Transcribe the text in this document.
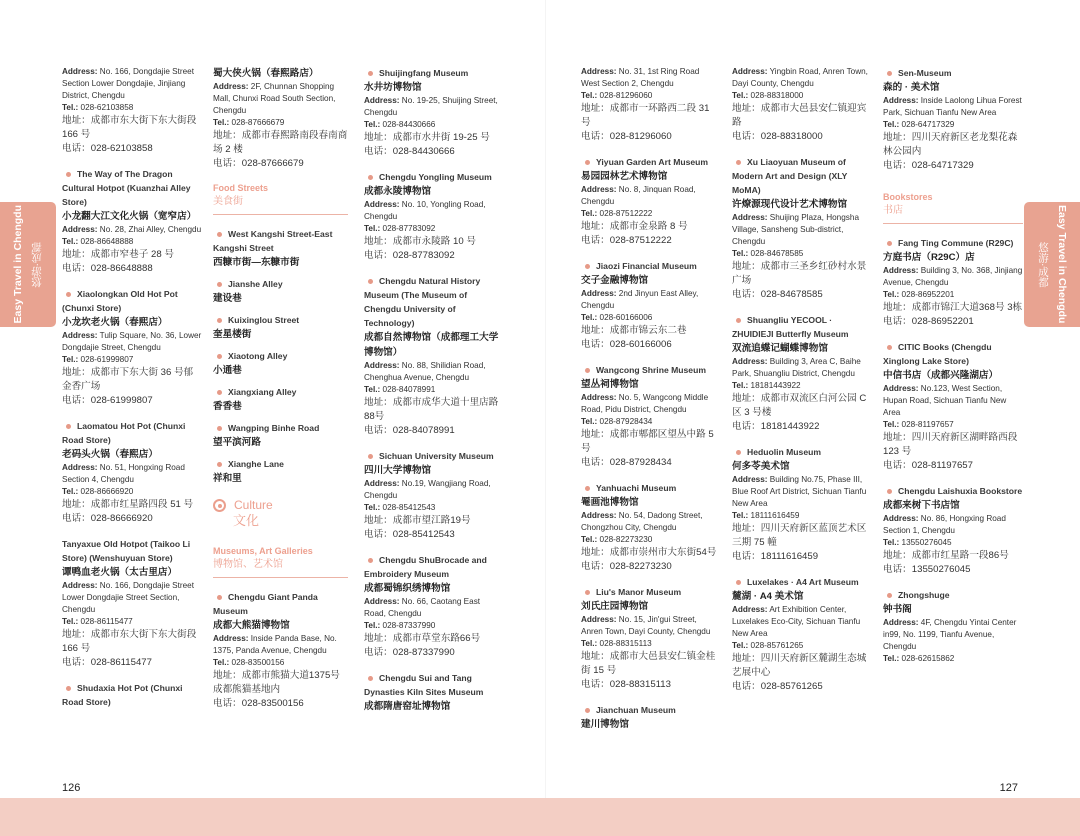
Easy Travel in Chengdu 悠游·成都	悠游·成都 Easy Travel in Chengdu
Address: No. 166, Dongdajie Street Section Lower Dongdajie, Jinjiang District, Chengdu
Tel.: 028-62103858
地址：成都市东大街下东大街段 166 号
电话：028-62103858
The Way of The Dragon Cultural Hotpot (Kuanzhai Alley Store)
小龙翻大江文化火锅（宽窄店）
Address: No. 28, Zhai Alley, Chengdu
Tel.: 028-86648888
地址：成都市窄巷子 28 号
电话：028-86648888
Xiaolongkan Old Hot Pot (Chunxi Store)
小龙坎老火锅（春熙店）
Address: Tulip Square, No. 36, Lower Dongdajie Street, Chengdu
Tel.: 028-61999807
地址：成都市下东大街 36 号郁金香广场
电话：028-61999807
Laomatou Hot Pot (Chunxi Road Store)
老码头火锅（春熙店）
Address: No. 51, Hongxing Road Section 4, Chengdu
Tel.: 028-86666920
地址：成都市红星路四段 51 号
电话：028-86666920
Tanyaxue Old Hotpot (Taikoo Li Store) (Wenshuyuan Store)
谭鸭血老火锅（太古里店）
Address: No. 166, Dongdajie Street Lower Dongdajie Street Section, Chengdu
Tel.: 028-86115477
地址：成都市东大街下东大街段 166 号
电话：028-86115477
Shudaxia Hot Pot (Chunxi Road Store)
蜀大侠火锅（春熙路店）
Address: 2F, Chunnan Shopping Mall, Chunxi Road South Section, Chengdu
Tel.: 028-87666679
地址：成都市春熙路南段春南商场 2 楼
电话：028-87666679
Food Streets
美食街
West Kangshi Street-East Kangshi Street
西糠市街—东糠市街
Jianshe Alley
建设巷
Kuixinglou Street
奎星楼街
Xiaotong Alley
小通巷
Xiangxiang Alley
香香巷
Wangping Binhe Road
望平滨河路
Xianghe Lane
祥和里
Culture
文化
Museums, Art Galleries
博物馆、艺术馆
Chengdu Giant Panda Museum
成都大熊猫博物馆
Address: Inside Panda Base, No. 1375, Panda Avenue, Chengdu
Tel.: 028-83500156
地址：成都市熊猫大道1375号成都熊猫基地内
电话：028-83500156
Shuijingfang Museum
水井坊博物馆
Address: No. 19-25, Shuijing Street, Chengdu
Tel.: 028-84430666
地址：成都市水井街 19-25 号
电话：028-84430666
Chengdu Yongling Museum
成都永陵博物馆
Address: No. 10, Yongling Road, Chengdu
Tel.: 028-87783092
地址：成都市永陵路 10 号
电话：028-87783092
Chengdu Natural History Museum (The Museum of Chengdu University of Technology)
成都自然博物馆（成都理工大学博物馆）
Address: No. 88, Shilidian Road, Chenghua Avenue, Chengdu
Tel.: 028-84078991
地址：成都市成华大道十里店路88号
电话：028-84078991
Sichuan University Museum
四川大学博物馆
Address: No.19, Wangjiang Road, Chengdu
Tel.: 028-85412543
地址：成都市望江路19号
电话：028-85412543
Chengdu ShuBrocade and Embroidery Museum
成都蜀锦织绣博物馆
Address: No. 66, Caotang East Road, Chengdu
Tel.: 028-87337990
地址：成都市草堂东路66号
电话：028-87337990
Chengdu Sui and Tang Dynasties Kiln Sites Museum
成都隋唐窑址博物馆
Address: No. 31, 1st Ring Road West Section 2, Chengdu
Tel.: 028-81296060
地址：成都市一环路西二段 31 号
电话：028-81296060
Yiyuan Garden Art Museum
易园园林艺术博物馆
Address: No. 8, Jinquan Road, Chengdu
Tel.: 028-87512222
地址：成都市金泉路 8 号
电话：028-87512222
Jiaozi Financial Museum
交子金融博物馆
Address: 2nd Jinyun East Alley, Chengdu
Tel.: 028-60166006
地址：成都市锦云东二巷
电话：028-60166006
Wangcong Shrine Museum
望丛祠博物馆
Address: No. 5, Wangcong Middle Road, Pidu District, Chengdu
Tel.: 028-87928434
地址：成都市郫都区望丛中路 5 号
电话：028-87928434
Yanhuachi Museum
罨画池博物馆
Address: No. 54, Dadong Street, Chongzhou City, Chengdu
Tel.: 028-82273230
地址：成都市崇州市大东街54号
电话：028-82273230
Liu's Manor Museum
刘氏庄园博物馆
Address: No. 15, Jin'gui Street, Anren Town, Dayi County, Chengdu
Tel.: 028-88315113
地址：成都市大邑县安仁镇金桂街 15 号
电话：028-88315113
Jianchuan Museum
建川博物馆
Address: Yingbin Road, Anren Town, Dayi County, Chengdu
Tel.: 028-88318000
地址：成都市大邑县安仁镇迎宾路
电话：028-88318000
Xu Liaoyuan Museum of Modern Art and Design (XLY MoMA)
许燎源现代设计艺术博物馆
Address: Shuijing Plaza, Hongsha Village, Sansheng Sub-district, Chengdu
Tel.: 028-84678585
地址：成都市三圣乡红砂村水景广场
电话：028-84678585
Shuangliu YECOOL · ZHUIDIEJI Butterfly Museum
双流追蝶记蝴蝶博物馆
Address: Building 3, Area C, Baihe Park, Shuangliu District, Chengdu
Tel.: 18181443922
地址：成都市双流区白河公园 C 区 3 号楼
电话：18181443922
Heduolin Museum
何多苓美术馆
Address: Building No.75, Phase III, Blue Roof Art District, Sichuan Tianfu New Area
Tel.: 18111616459
地址：四川天府新区蓝顶艺术区三期 75 幢
电话：18111616459
Luxelakes · A4 Art Museum
麓湖 · A4 美术馆
Address: Art Exhibition Center, Luxelakes Eco-City, Sichuan Tianfu New Area
Tel.: 028-85761265
地址：四川天府新区麓湖生态城艺展中心
电话：028-85761265
Sen-Museum
森的 · 美术馆
Address: Inside Laolong Lihua Forest Park, Sichuan Tianfu New Area
Tel.: 028-64717329
地址：四川天府新区老龙梨花森林公园内
电话：028-64717329
Bookstores
书店
Fang Ting Commune (R29C)
方庭书店（R29C）店
Address: Building 3, No. 368, Jinjiang Avenue, Chengdu
Tel.: 028-86952201
地址：成都市锦江大道368号 3栋
电话：028-86952201
CITIC Books (Chengdu Xinglong Lake Store)
中信书店（成都兴隆湖店）
Address: No.123, West Section, Hupan Road, Sichuan Tianfu New Area
Tel.: 028-81197657
地址：四川天府新区湖畔路西段 123 号
电话：028-81197657
Chengdu Laishuxia Bookstore
成都来树下书店馆
Address: No. 86, Hongxing Road Section 1, Chengdu
Tel.: 13550276045
地址：成都市红星路一段86号
电话：13550276045
Zhongshuge
钟书阁
Address: 4F, Chengdu Yintai Center in99, No. 1199, Tianfu Avenue, Chengdu
Tel.: 028-62615862
126	127
